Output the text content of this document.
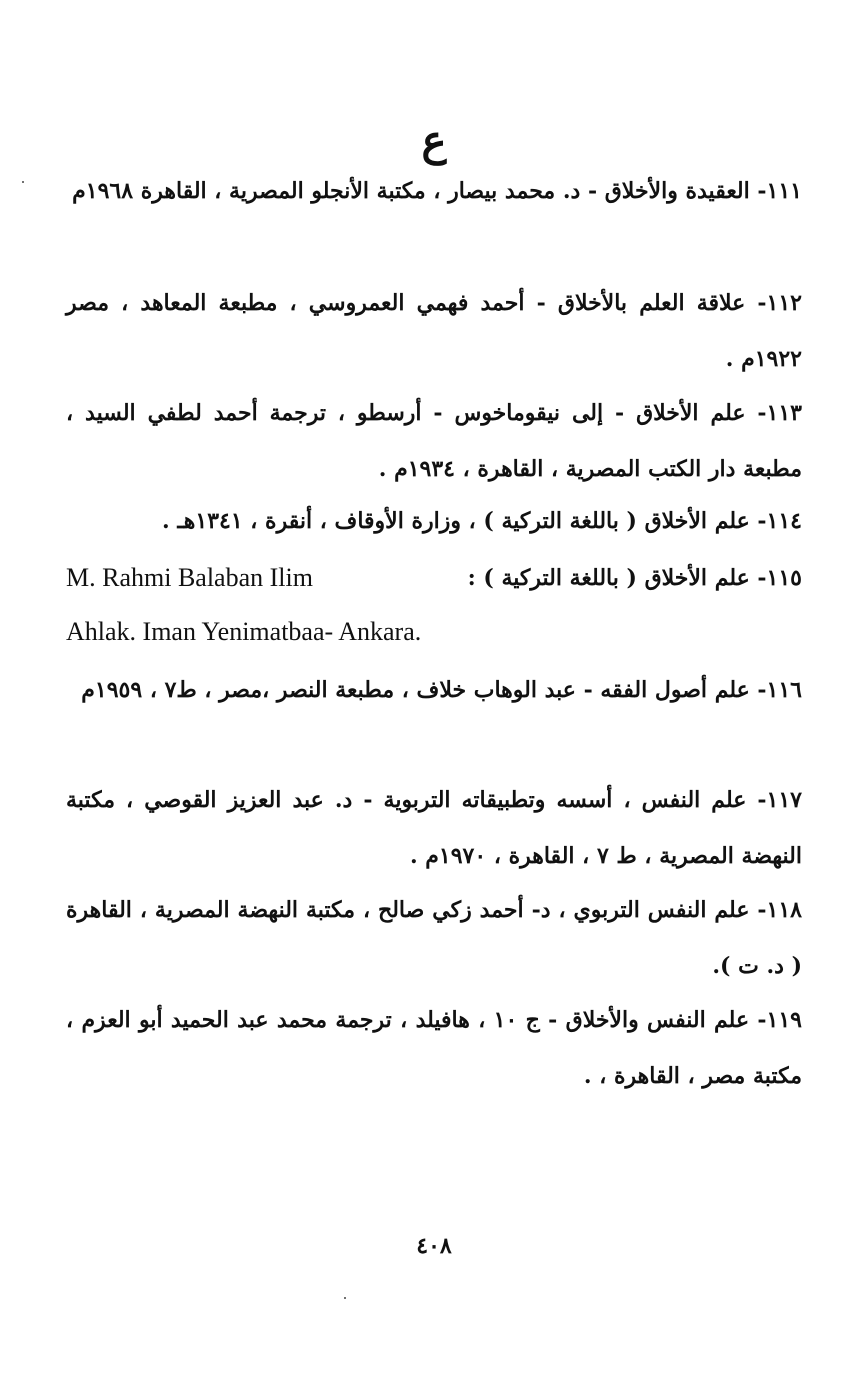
ع
١١١- العقيدة والأخلاق - د. محمد بيصار ، مكتبة الأنجلو المصرية ، القاهرة ١٩٦٨م
١١٢- علاقة العلم بالأخلاق - أحمد فهمي العمروسي ، مطبعة المعاهد ، مصر ١٩٢٢م .
١١٣- علم الأخلاق - إلى نيقوماخوس - أرسطو ، ترجمة أحمد لطفي السيد ، مطبعة دار الكتب المصرية ، القاهرة ، ١٩٣٤م .
١١٤- علم الأخلاق ( باللغة التركية ) ، وزارة الأوقاف ، أنقرة ، ١٣٤١هـ .
١١٥- علم الأخلاق ( باللغة التركية ) :
M. Rahmi Balaban Ilim
Ahlak. Iman Yenimatbaa- Ankara.
١١٦- علم أصول الفقه - عبد الوهاب خلاف ، مطبعة النصر ،مصر ، ط٧ ، ١٩٥٩م
١١٧- علم النفس ، أسسه وتطبيقاته التربوية - د. عبد العزيز القوصي ، مكتبة النهضة المصرية ، ط ٧ ، القاهرة ، ١٩٧٠م .
١١٨- علم النفس التربوي ، د- أحمد زكي صالح ، مكتبة النهضة المصرية ، القاهرة ( د. ت ).
١١٩- علم النفس والأخلاق - ج ١٠ ، هافيلد ، ترجمة محمد عبد الحميد أبو العزم ، مكتبة مصر ، القاهرة ، .
٤٠٨
